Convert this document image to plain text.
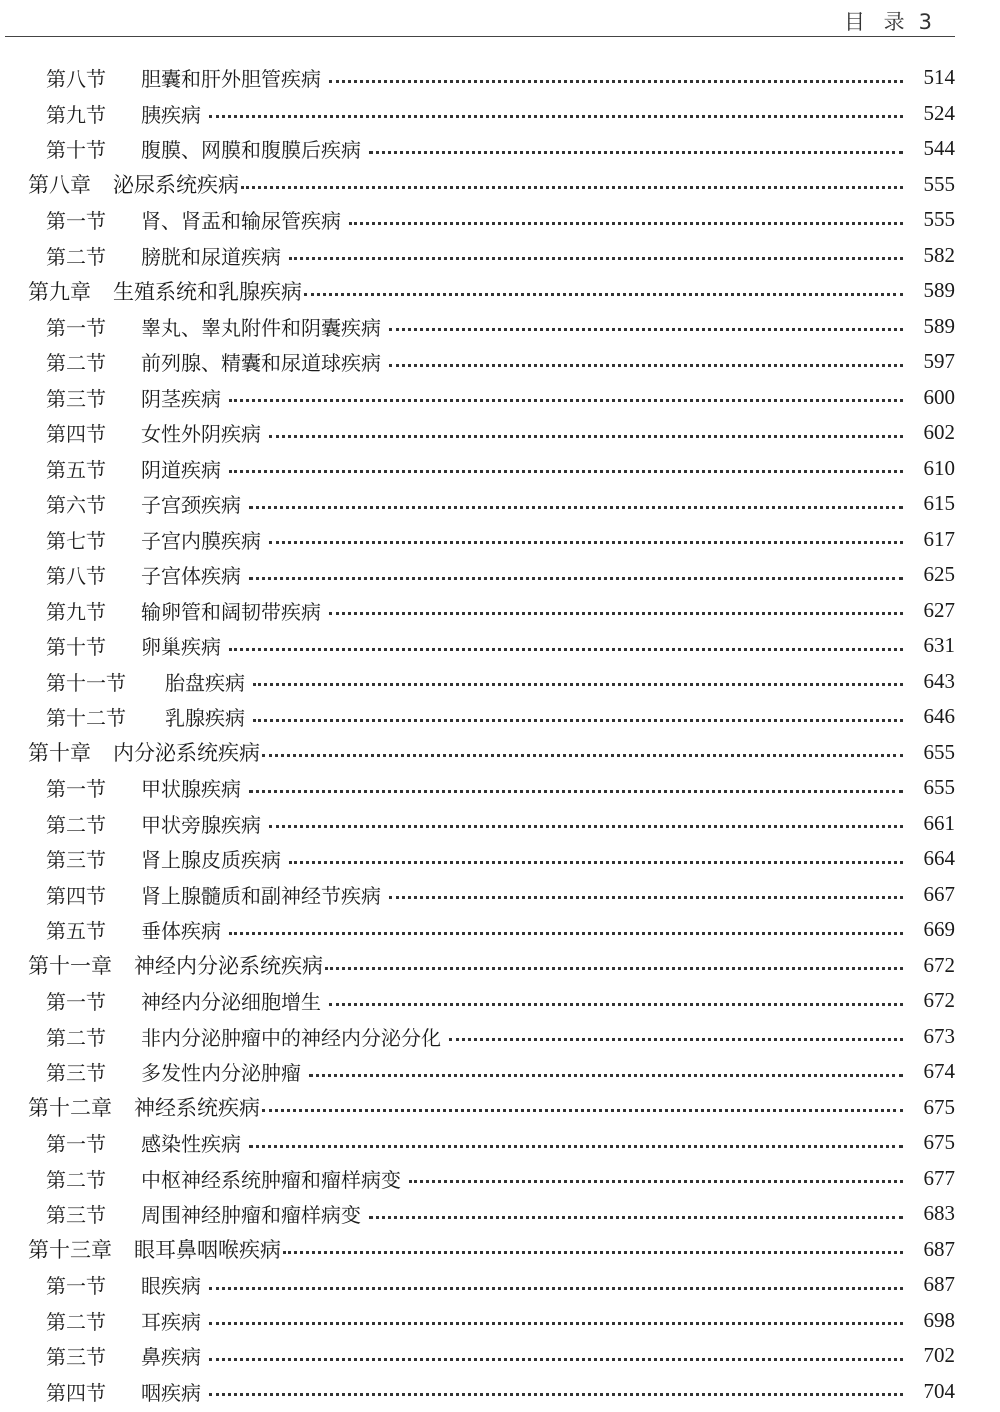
目 录 3
第八节	胆囊和肝外胆管疾病	514
第九节	胰疾病	524
第十节	腹膜、网膜和腹膜后疾病	544
第八章 泌尿系统疾病	555
第一节	肾、肾盂和输尿管疾病	555
第二节	膀胱和尿道疾病	582
第九章 生殖系统和乳腺疾病	589
第一节	睾丸、睾丸附件和阴囊疾病	589
第二节	前列腺、精囊和尿道球疾病	597
第三节	阴茎疾病	600
第四节	女性外阴疾病	602
第五节	阴道疾病	610
第六节	子宫颈疾病	615
第七节	子宫内膜疾病	617
第八节	子宫体疾病	625
第九节	输卵管和阔韧带疾病	627
第十节	卵巢疾病	631
第十一节	胎盘疾病	643
第十二节	乳腺疾病	646
第十章 内分泌系统疾病	655
第一节	甲状腺疾病	655
第二节	甲状旁腺疾病	661
第三节	肾上腺皮质疾病	664
第四节	肾上腺髓质和副神经节疾病	667
第五节	垂体疾病	669
第十一章 神经内分泌系统疾病	672
第一节	神经内分泌细胞增生	672
第二节	非内分泌肿瘤中的神经内分泌分化	673
第三节	多发性内分泌肿瘤	674
第十二章 神经系统疾病	675
第一节	感染性疾病	675
第二节	中枢神经系统肿瘤和瘤样病变	677
第三节	周围神经肿瘤和瘤样病变	683
第十三章 眼耳鼻咽喉疾病	687
第一节	眼疾病	687
第二节	耳疾病	698
第三节	鼻疾病	702
第四节	咽疾病	704
